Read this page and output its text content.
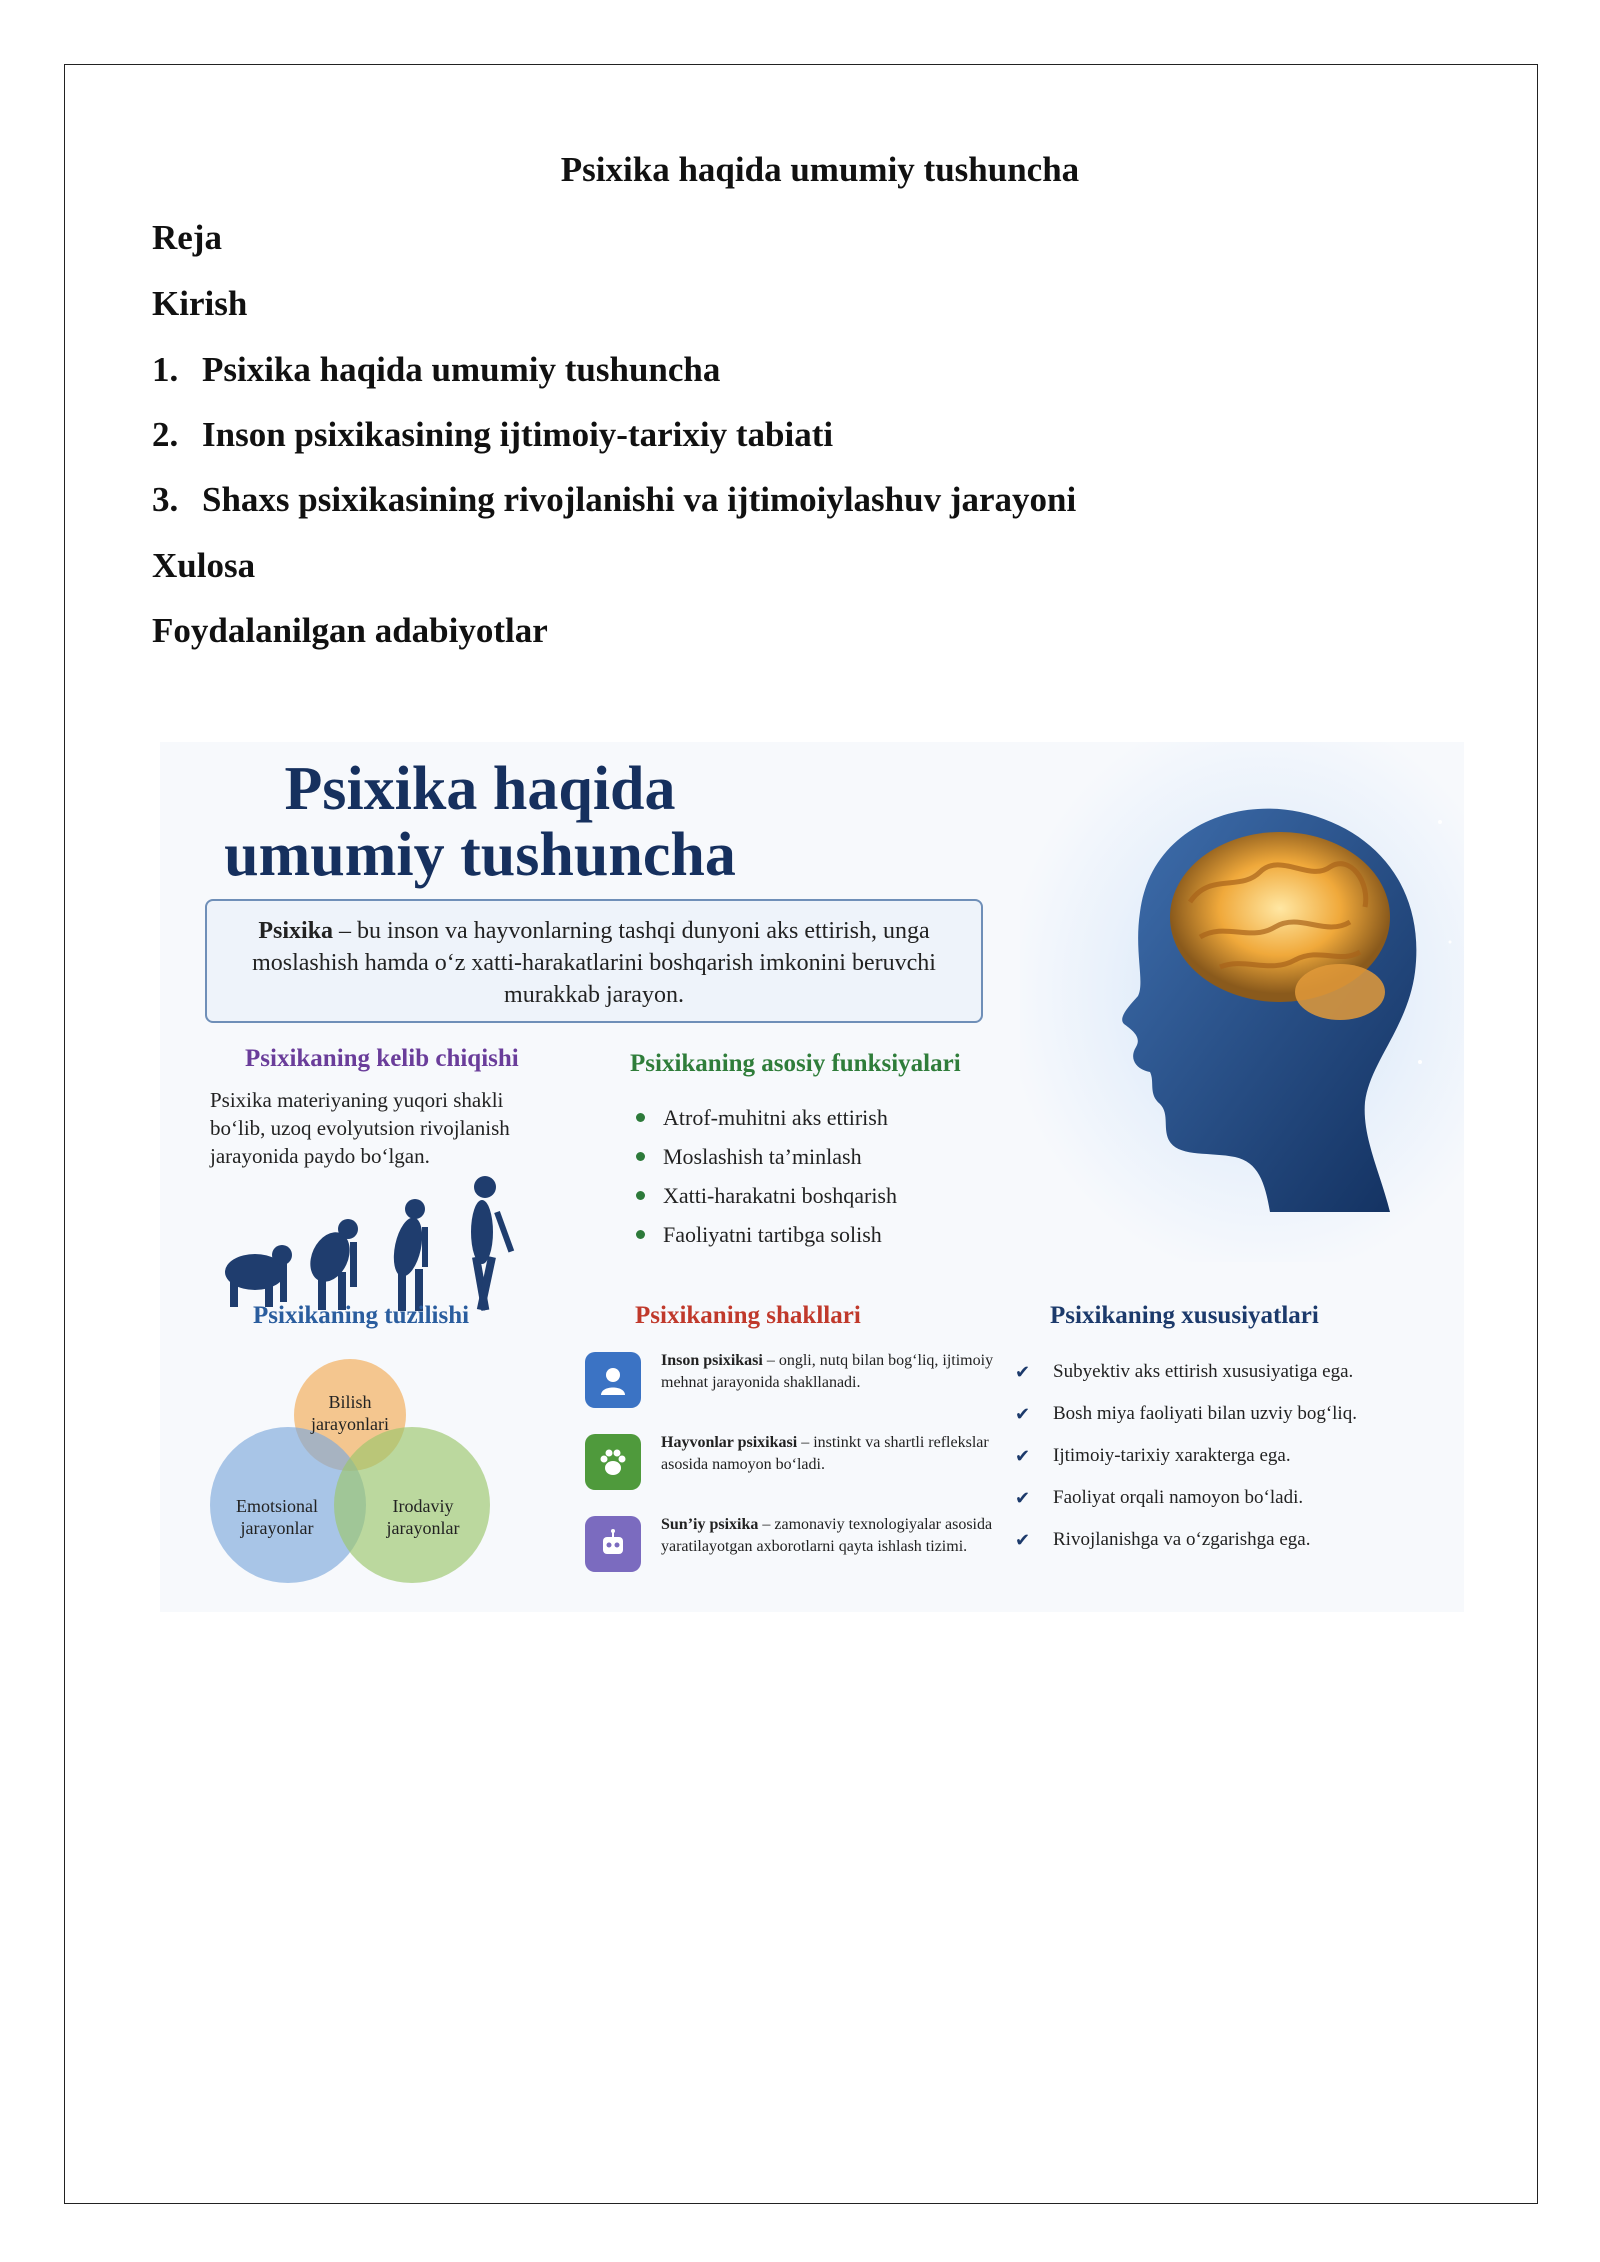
Psixika haqida umumiy tushuncha
Reja
Kirish
1. Psixika haqida umumiy tushuncha
2. Inson psixikasining ijtimoiy-tarixiy tabiati
3. Shaxs psixikasining rivojlanishi va ijtimoiylashuv jarayoni
Xulosa
Foydalanilgan adabiyotlar
Psixika haqida
umumiy tushuncha
Psixika – bu inson va hayvonlarning tashqi dunyoni aks ettirish, unga moslashish hamda o‘z xatti-harakatlarini boshqarish imkonini beruvchi murakkab jarayon.
Psixikaning kelib chiqishi
Psixika materiyaning yuqori shakli bo‘lib, uzoq evolyutsion rivojlanish jarayonida paydo bo‘lgan.
Psixikaning asosiy funksiyalari
Atrof-muhitni aks ettirish
Moslashish ta’minlash
Xatti-harakatni boshqarish
Faoliyatni tartibga solish
Psixikaning tuzilishi
Bilish
jarayonlari
Emotsional
jarayonlar
Irodaviy
jarayonlar
Psixikaning shakllari
Inson psixikasi – ongli, nutq bilan bog‘liq, ijtimoiy mehnat jarayonida shakllanadi.
Hayvonlar psixikasi – instinkt va shartli reflekslar asosida namoyon bo‘ladi.
Sun’iy psixika – zamonaviy texnologiyalar asosida yaratilayotgan axborotlarni qayta ishlash tizimi.
Psixikaning xususiyatlari
✔	Subyektiv aks ettirish xususiyatiga ega.
✔	Bosh miya faoliyati bilan uzviy bog‘liq.
✔	Ijtimoiy-tarixiy xarakterga ega.
✔	Faoliyat orqali namoyon bo‘ladi.
✔	Rivojlanishga va o‘zgarishga ega.
